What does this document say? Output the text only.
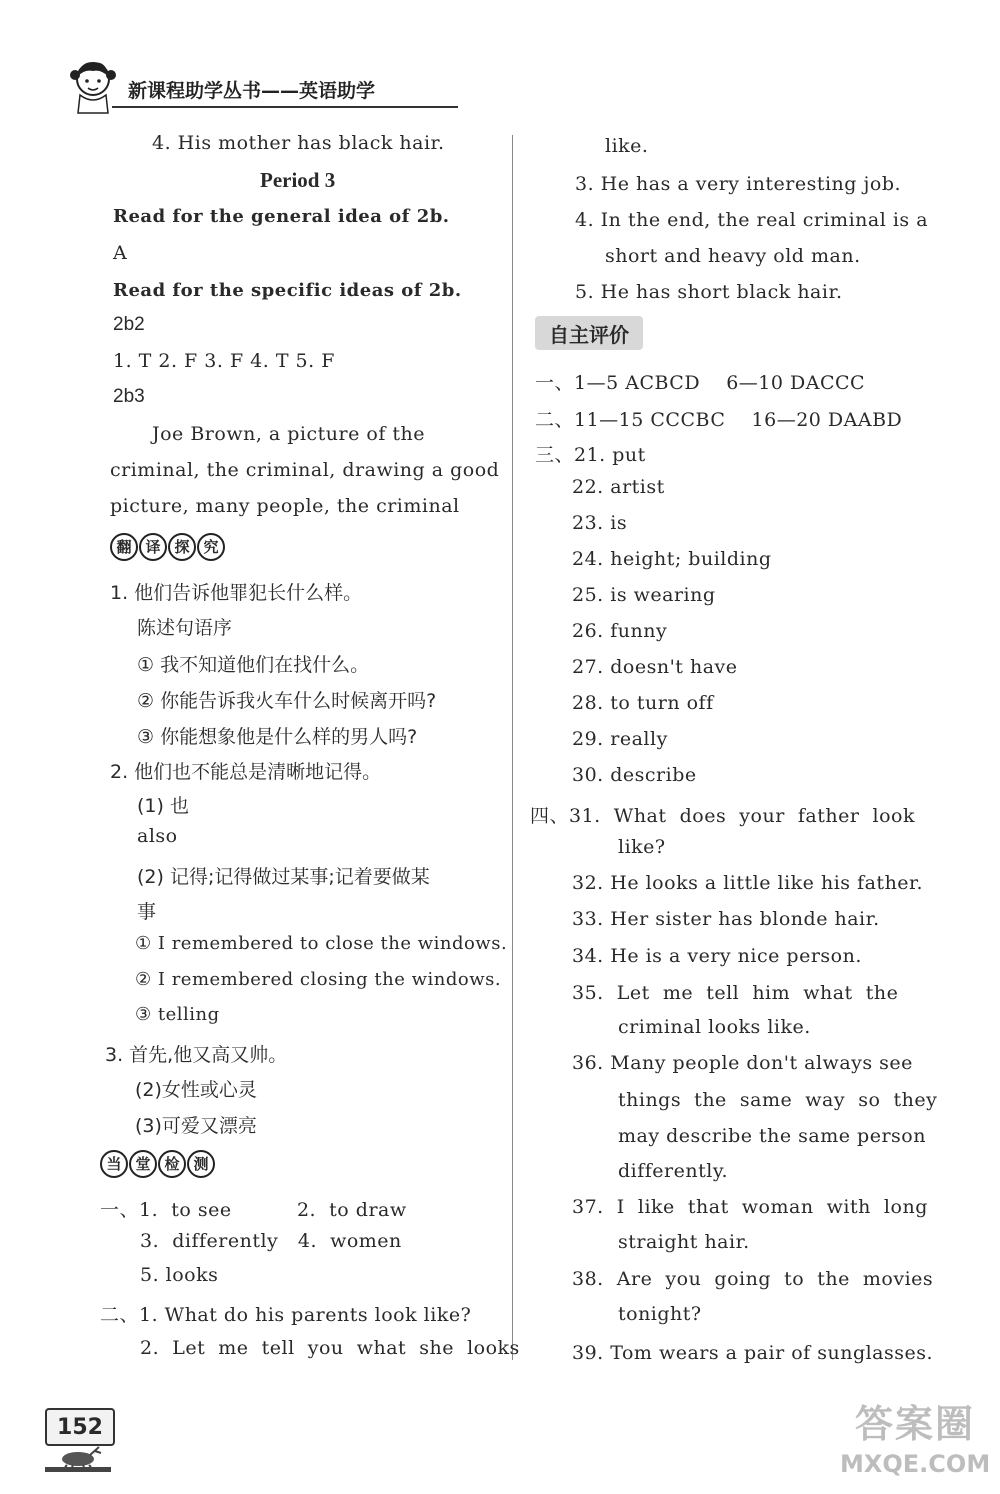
新课程助学丛书——英语助学
4. His mother has black hair.
Period 3
Read for the general idea of 2b.
A
Read for the specific ideas of 2b.
2b2
1. T 2. F 3. F 4. T 5. F
2b3
Joe Brown, a picture of the
criminal, the criminal, drawing a good
picture, many people, the criminal
翻 译 探 究
1. 他们告诉他罪犯长什么样。
陈述句语序
① 我不知道他们在找什么。
② 你能告诉我火车什么时候离开吗?
③ 你能想象他是什么样的男人吗?
2. 他们也不能总是清晰地记得。
(1) 也
also
(2) 记得;记得做过某事;记着要做某
事
① I remembered to close the windows.
② I remembered closing the windows.
③ telling
3. 首先,他又高又帅。
(2)女性或心灵
(3)可爱又漂亮
当 堂 检 测
一、1.  to see          2.  to draw
3.  differently   4.  women
5. looks
二、1. What do his parents look like?
2.  Let  me  tell  you  what  she  looks
like.
3. He has a very interesting job.
4. In the end, the real criminal is a
short and heavy old man.
5. He has short black hair.
自主评价
一、1—5 ACBCD    6—10 DACCC
二、11—15 CCCBC    16—20 DAABD
三、21. put
22. artist
23. is
24. height; building
25. is wearing
26. funny
27. doesn't have
28. to turn off
29. really
30. describe
四、31.  What  does  your  father  look
like?
32. He looks a little like his father.
33. Her sister has blonde hair.
34. He is a very nice person.
35.  Let  me  tell  him  what  the
criminal looks like.
36. Many people don't always see
things  the  same  way  so  they
may describe the same person
differently.
37.  I  like  that  woman  with  long
straight hair.
38.  Are  you  going  to  the  movies
tonight?
39. Tom wears a pair of sunglasses.
152	答案圈
MXQE.COM
